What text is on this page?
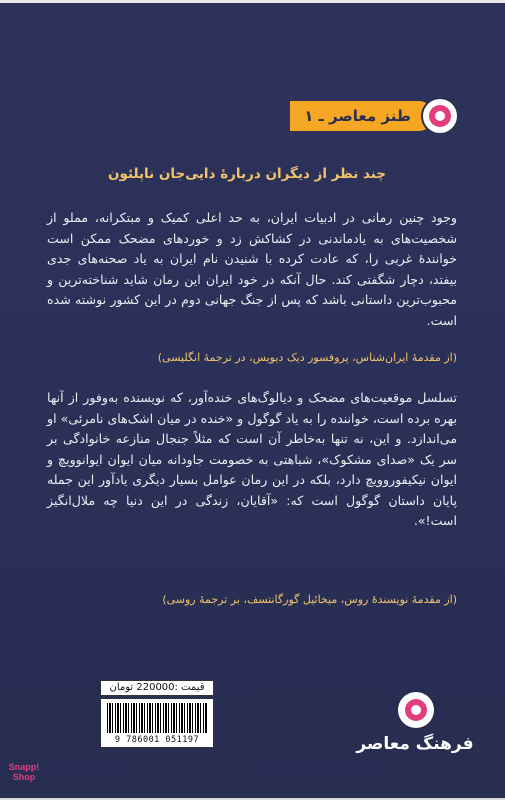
طنز معاصر ـ ۱
چند نظر از دیگران دربارهٔ دایی‌جان ناپلئون

وجود چنین رمانی در ادبیات ایران، به حد اعلی کمیک و مبتکرانه، مملو از شخصیت‌های به یادماندنی در کشاکش زد و خوردهای مضحک ممکن است خوانندهٔ غربی را، که عادت کرده با شنیدن نام ایران به یاد صحنه‌های جدی بیفتد، دچار شگفتی کند. حال آنکه در خود ایران این رمان شاید شناخته‌ترین و محبوب‌ترین داستانی باشد که پس از جنگ جهانی دوم در این کشور نوشته شده است.

(از مقدمهٔ ایران‌شناس، پروفسور دیک دیویس، در ترجمهٔ انگلیسی)

تسلسل موقعیت‌های مضحک و دیالوگ‌های خنده‌آور، که نویسنده به‌وفور از آنها بهره برده است، خواننده را به یاد گوگول و «خنده در میان اشک‌های نامرئی» او می‌اندازد. و این، نه تنها به‌خاطر آن است که مثلاً جنجال منازعه خانوادگی بر سر یک «صدای مشکوک»، شباهتی به خصومت جاودانه میان ایوان ایوانوویچ و ایوان نیکیفوروویچ دارد، بلکه در این رمان عوامل بسیار دیگری یادآور این جمله پایان داستان گوگول است که: «آقایان، زندگی در این دنیا چه ملال‌انگیز است!».

(از مقدمهٔ نویسندهٔ روس، میخائیل گورگانتسف، بر ترجمهٔ روسی)

قیمت :220000 تومان
9 786001 051197	فرهنگ معاصر
Snapp! Shop
